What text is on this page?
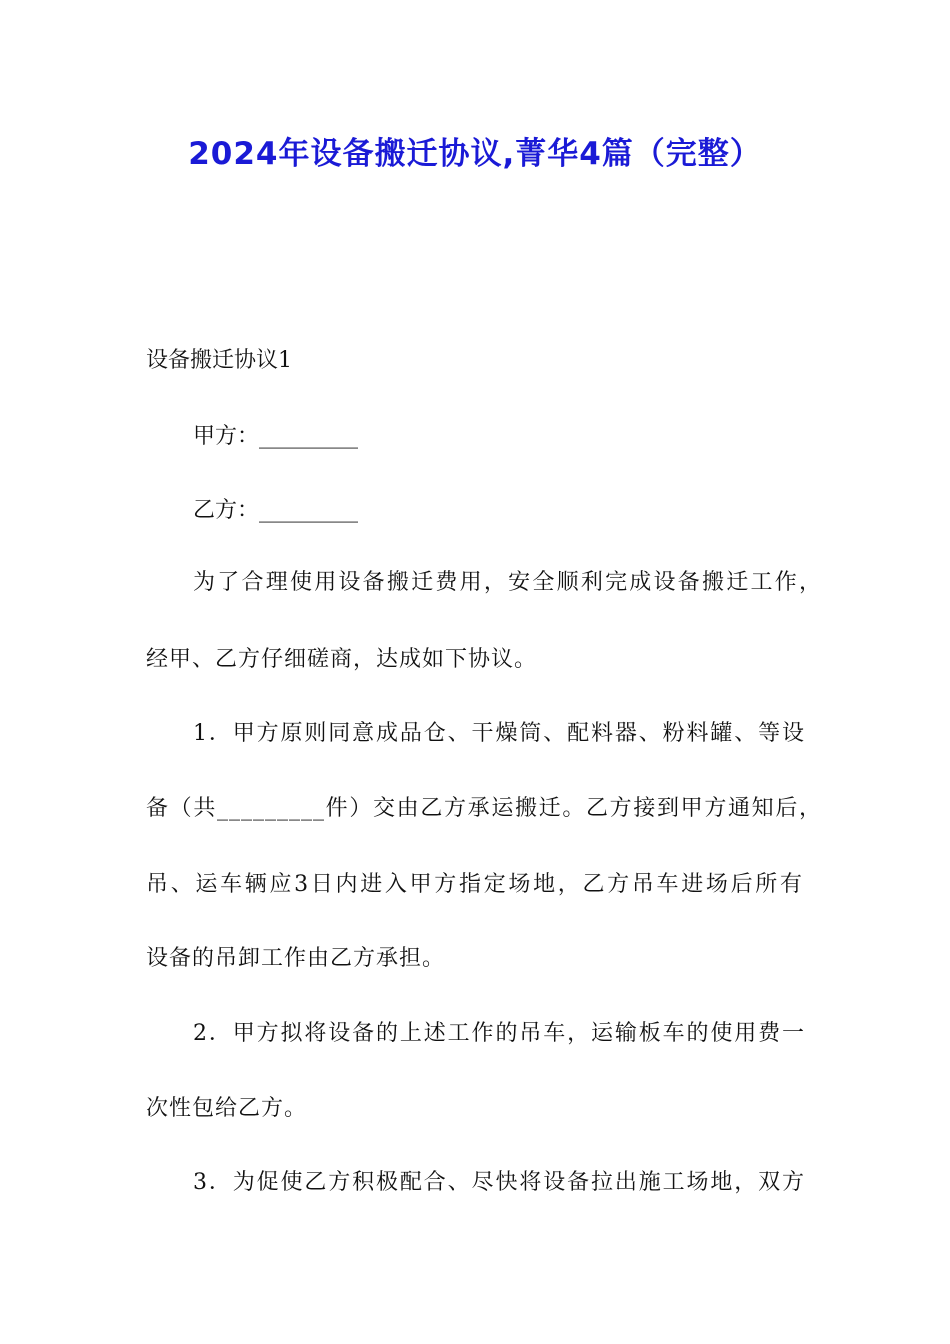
2024年设备搬迁协议,菁华4篇（完整）

设备搬迁协议1

甲方：_________

乙方：_________

为了合理使用设备搬迁费用，安全顺利完成设备搬迁工作，

经甲、乙方仔细磋商，达成如下协议。

1．甲方原则同意成品仓、干燥筒、配料器、粉料罐、等设

备（共_________件）交由乙方承运搬迁。乙方接到甲方通知后，

吊、运车辆应3日内进入甲方指定场地，乙方吊车进场后所有

设备的吊卸工作由乙方承担。

2．甲方拟将设备的上述工作的吊车，运输板车的使用费一

次性包给乙方。

3．为促使乙方积极配合、尽快将设备拉出施工场地，双方
